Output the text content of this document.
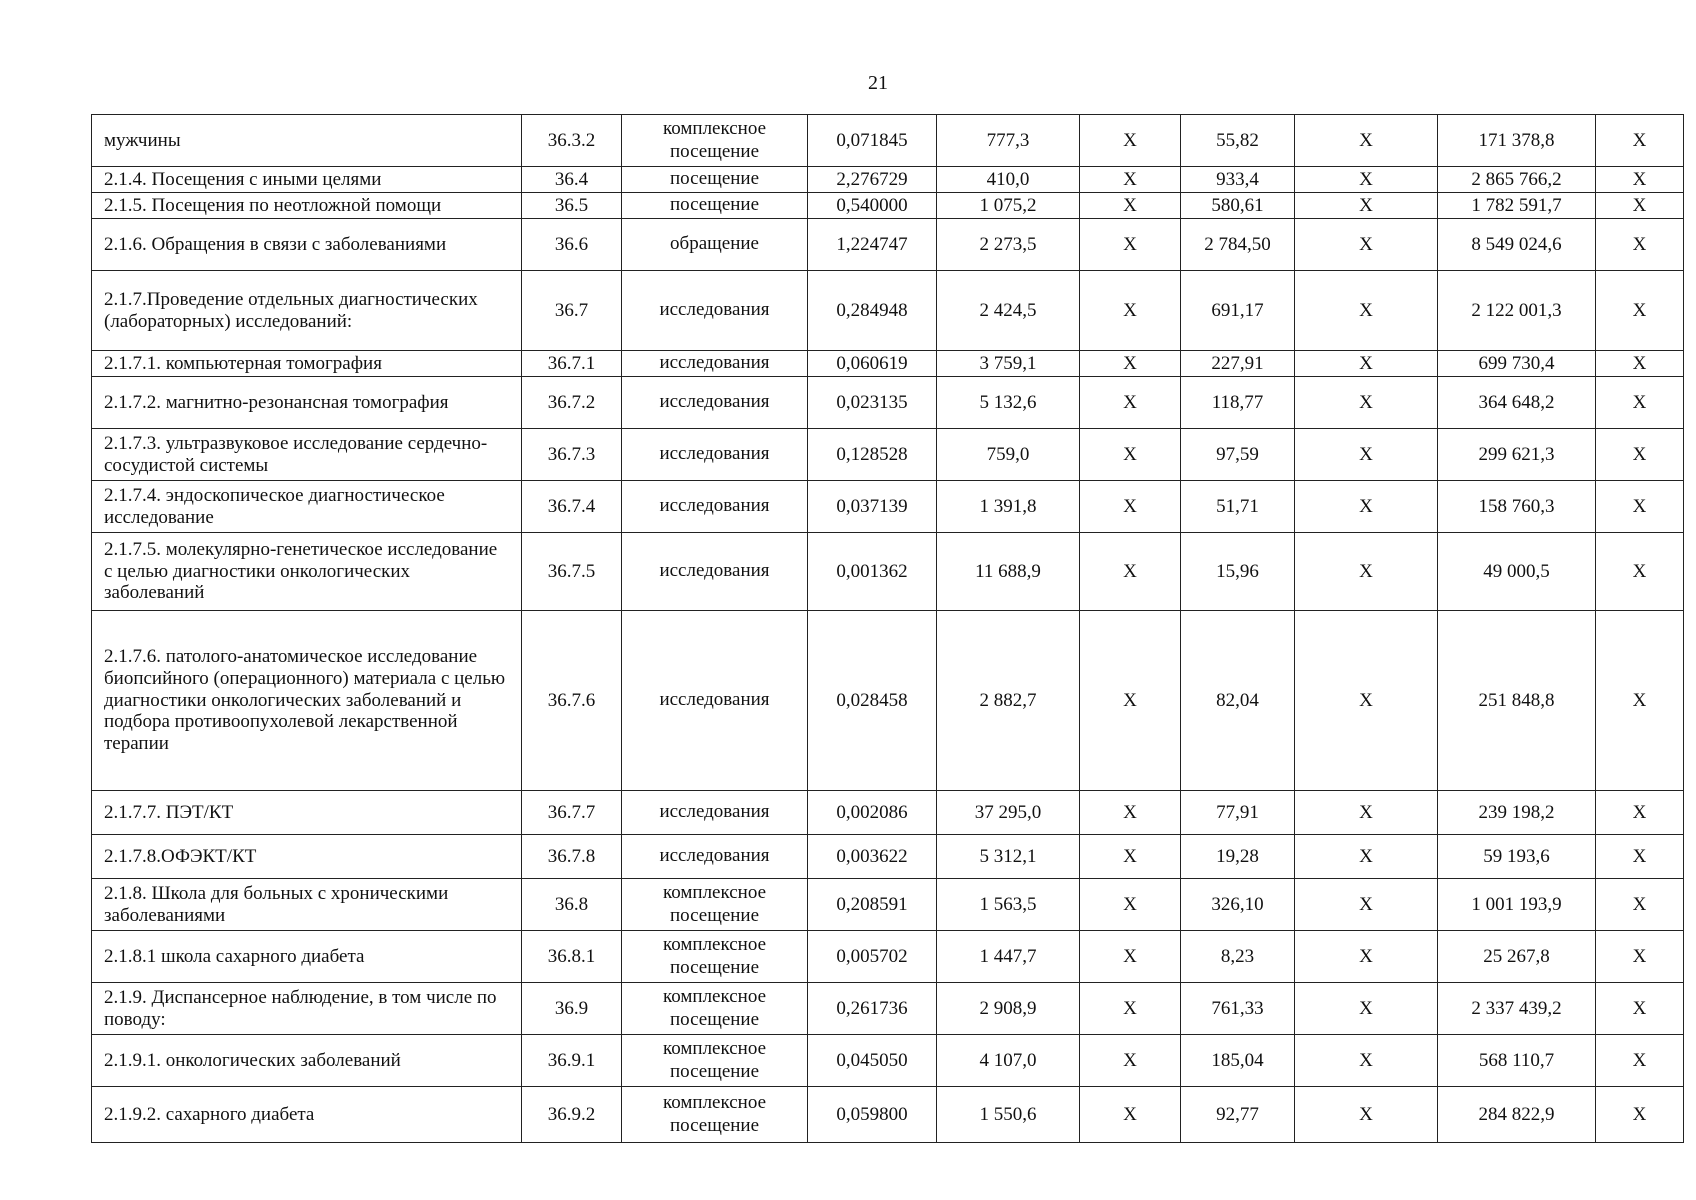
21
мужчины	36.3.2	комплексное посещение	0,071845	777,3	Х	55,82	Х	171 378,8	Х
2.1.4. Посещения с иными целями	36.4	посещение	2,276729	410,0	Х	933,4	Х	2 865 766,2	Х
2.1.5. Посещения по неотложной помощи	36.5	посещение	0,540000	1 075,2	Х	580,61	Х	1 782 591,7	Х
2.1.6. Обращения в связи с заболеваниями	36.6	обращение	1,224747	2 273,5	Х	2 784,50	Х	8 549 024,6	Х
2.1.7.Проведение отдельных диагностических (лабораторных) исследований:	36.7	исследования	0,284948	2 424,5	Х	691,17	Х	2 122 001,3	Х
2.1.7.1. компьютерная томография	36.7.1	исследования	0,060619	3 759,1	Х	227,91	Х	699 730,4	Х
2.1.7.2. магнитно-резонансная томография	36.7.2	исследования	0,023135	5 132,6	Х	118,77	Х	364 648,2	Х
2.1.7.3. ультразвуковое исследование сердечно-сосудистой системы	36.7.3	исследования	0,128528	759,0	Х	97,59	Х	299 621,3	Х
2.1.7.4. эндоскопическое диагностическое исследование	36.7.4	исследования	0,037139	1 391,8	Х	51,71	Х	158 760,3	Х
2.1.7.5. молекулярно-генетическое исследование с целью диагностики онкологических заболеваний	36.7.5	исследования	0,001362	11 688,9	Х	15,96	Х	49 000,5	Х
2.1.7.6. патолого-анатомическое исследование биопсийного (операционного) материала с целью диагностики онкологических заболеваний и подбора противоопухолевой лекарственной терапии	36.7.6	исследования	0,028458	2 882,7	Х	82,04	Х	251 848,8	Х
2.1.7.7. ПЭТ/КТ	36.7.7	исследования	0,002086	37 295,0	Х	77,91	Х	239 198,2	Х
2.1.7.8.ОФЭКТ/КТ	36.7.8	исследования	0,003622	5 312,1	Х	19,28	Х	59 193,6	Х
2.1.8. Школа для больных с хроническими заболеваниями	36.8	комплексное посещение	0,208591	1 563,5	Х	326,10	Х	1 001 193,9	Х
2.1.8.1 школа сахарного диабета	36.8.1	комплексное посещение	0,005702	1 447,7	Х	8,23	Х	25 267,8	Х
2.1.9. Диспансерное наблюдение, в том числе по поводу:	36.9	комплексное посещение	0,261736	2 908,9	Х	761,33	Х	2 337 439,2	Х
2.1.9.1. онкологических заболеваний	36.9.1	комплексное посещение	0,045050	4 107,0	Х	185,04	Х	568 110,7	Х
2.1.9.2. сахарного диабета	36.9.2	комплексное посещение	0,059800	1 550,6	Х	92,77	Х	284 822,9	Х
